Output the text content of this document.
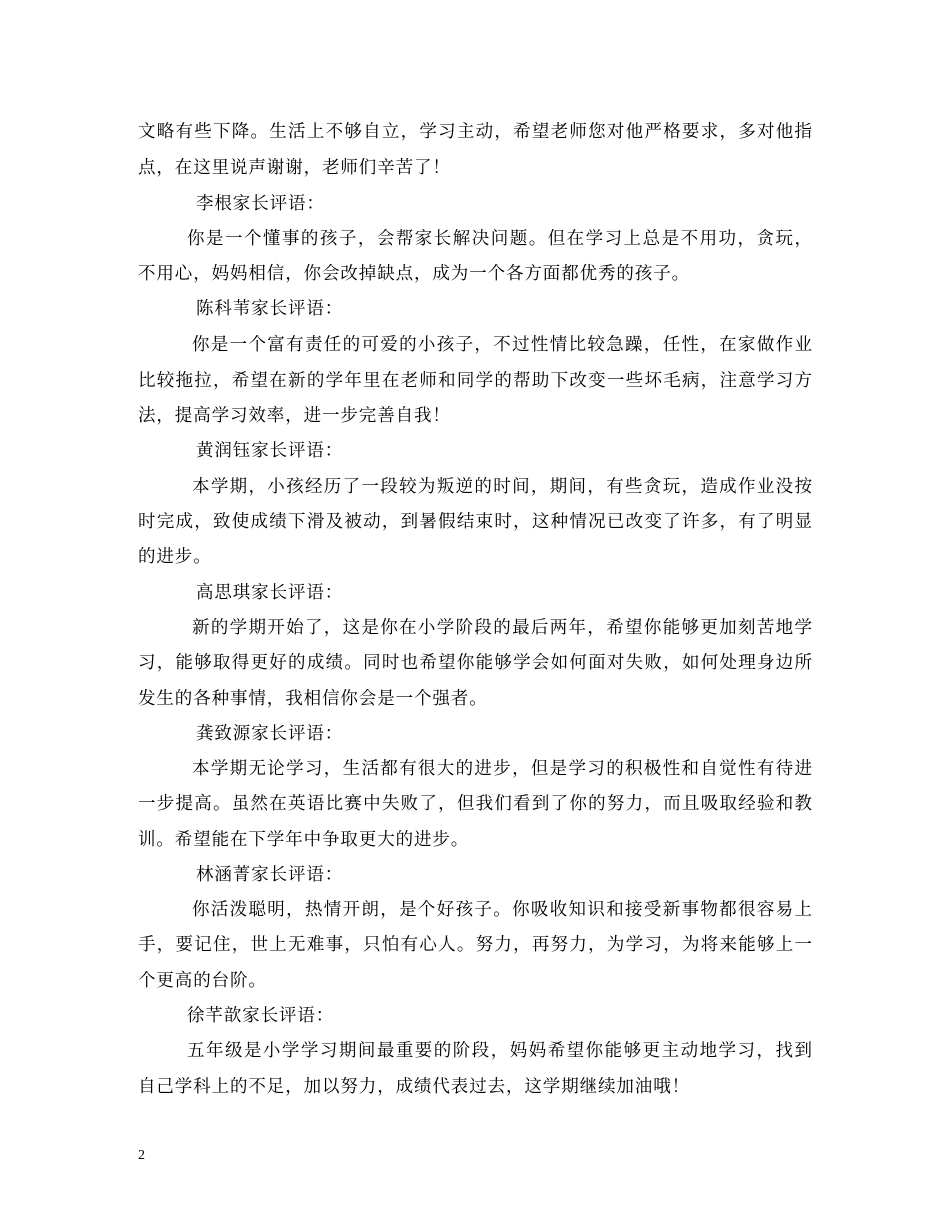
文略有些下降。生活上不够自立，学习主动，希望老师您对他严格要求，多对他指
点，在这里说声谢谢，老师们辛苦了！
李根家长评语：
你是一个懂事的孩子，会帮家长解决问题。但在学习上总是不用功，贪玩，
不用心，妈妈相信，你会改掉缺点，成为一个各方面都优秀的孩子。
陈科苇家长评语：
你是一个富有责任的可爱的小孩子，不过性情比较急躁，任性，在家做作业
比较拖拉，希望在新的学年里在老师和同学的帮助下改变一些坏毛病，注意学习方
法，提高学习效率，进一步完善自我！
黄润钰家长评语：
本学期，小孩经历了一段较为叛逆的时间，期间，有些贪玩，造成作业没按
时完成，致使成绩下滑及被动，到暑假结束时，这种情况已改变了许多，有了明显
的进步。
高思琪家长评语：
新的学期开始了，这是你在小学阶段的最后两年，希望你能够更加刻苦地学
习，能够取得更好的成绩。同时也希望你能够学会如何面对失败，如何处理身边所
发生的各种事情，我相信你会是一个强者。
龚致源家长评语：
本学期无论学习，生活都有很大的进步，但是学习的积极性和自觉性有待进
一步提高。虽然在英语比赛中失败了，但我们看到了你的努力，而且吸取经验和教
训。希望能在下学年中争取更大的进步。
林涵菁家长评语：
你活泼聪明，热情开朗，是个好孩子。你吸收知识和接受新事物都很容易上
手，要记住，世上无难事，只怕有心人。努力，再努力，为学习，为将来能够上一
个更高的台阶。
徐芊歆家长评语：
五年级是小学学习期间最重要的阶段，妈妈希望你能够更主动地学习，找到
自己学科上的不足，加以努力，成绩代表过去，这学期继续加油哦！
2
